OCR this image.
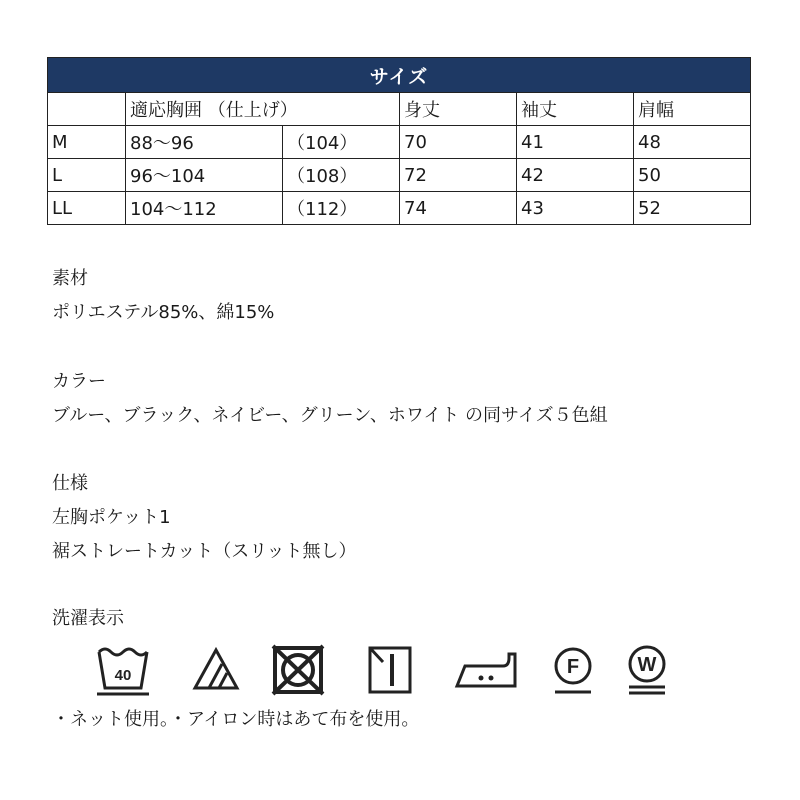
サイズ					
	適応胸囲 （仕上げ）		身丈	袖丈	肩幅
M	88～96	（104）	70	41	48
L	96～104	（108）	72	42	50
LL	104～112	（112）	74	43	52
素材
ポリエステル85%、綿15%
カラー
ブルー、ブラック、ネイビー、グリーン、ホワイト の同サイズ５色組
仕様
左胸ポケット1
裾ストレートカット（スリット無し）
洗濯表示
40	F	W
・ネット使用。・アイロン時はあて布を使用。
